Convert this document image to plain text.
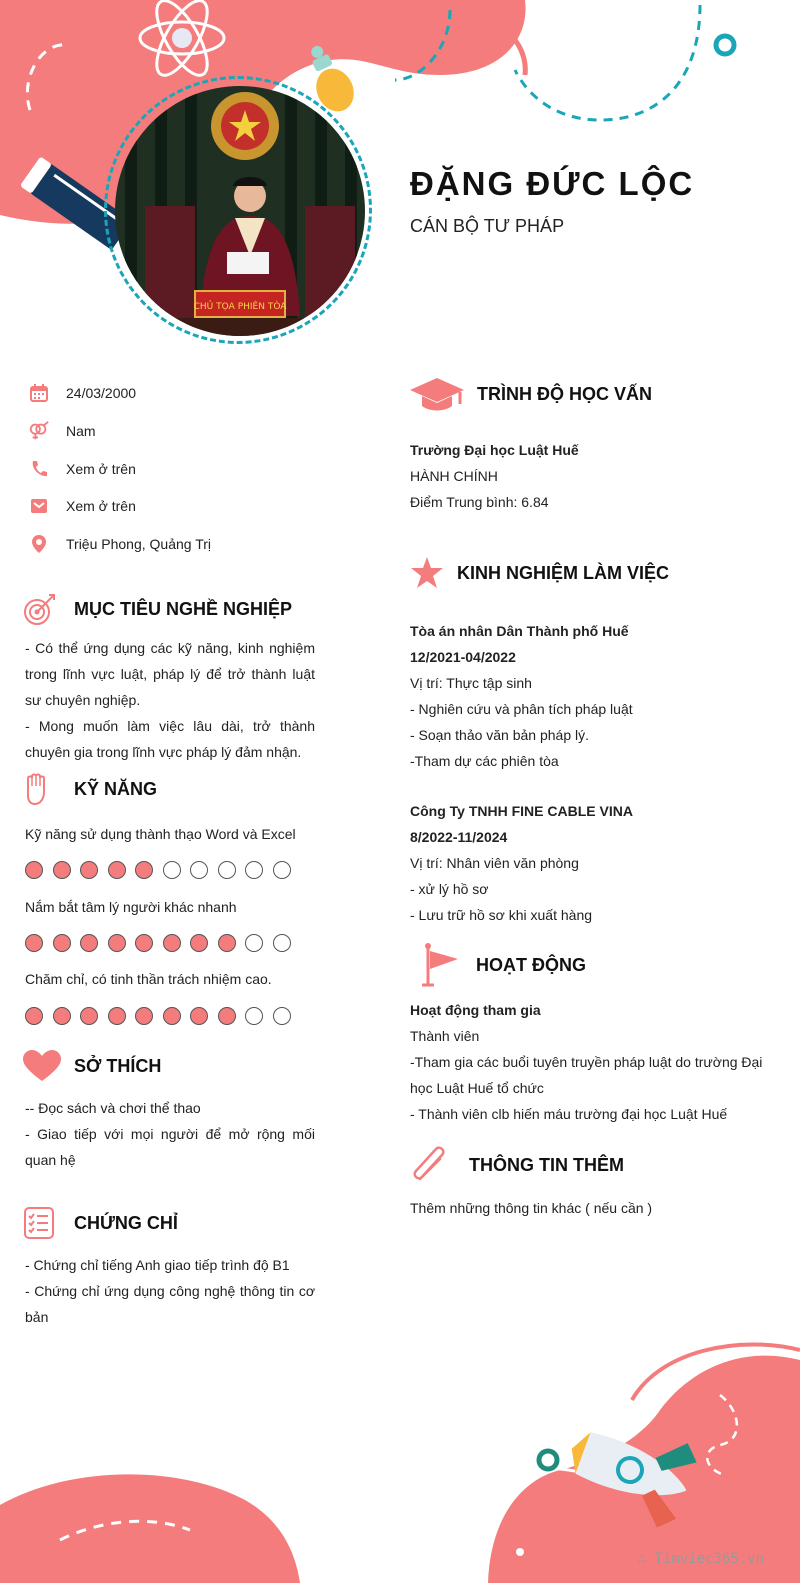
CHỦ TỌA PHIÊN TÒA
ĐẶNG ĐỨC LỘC
CÁN BỘ TƯ PHÁP
24/03/2000
Nam
Xem ở trên
Xem ở trên
Triệu Phong, Quảng Trị
MỤC TIÊU NGHỀ NGHIỆP
- Có thể ứng dụng các kỹ năng, kinh nghiệm trong lĩnh vực luật, pháp lý để trở thành luật sư chuyên nghiệp.
- Mong muốn làm việc lâu dài, trở thành chuyên gia trong lĩnh vực pháp lý đảm nhận.
KỸ NĂNG
Kỹ năng sử dụng thành thạo Word và Excel
Nắm bắt tâm lý người khác nhanh
Chăm chỉ, có tinh thần trách nhiệm cao.
SỞ THÍCH
-- Đọc sách và chơi thể thao
- Giao tiếp với mọi người để mở rộng mối quan hệ
CHỨNG CHỈ
- Chứng chỉ tiếng Anh giao tiếp trình độ B1
- Chứng chỉ ứng dụng công nghệ thông tin cơ bản
TRÌNH ĐỘ HỌC VẤN
Trường Đại học Luật Huế
HÀNH CHÍNH
Điểm Trung bình: 6.84
KINH NGHIỆM LÀM VIỆC
Tòa án nhân Dân Thành phố Huế
12/2021-04/2022
Vị trí: Thực tập sinh
- Nghiên cứu và phân tích pháp luật
- Soạn thảo văn bản pháp lý.
-Tham dự các phiên tòa
Công Ty TNHH FINE CABLE VINA
8/2022-11/2024
Vị trí: Nhân viên văn phòng
- xử lý hồ sơ
- Lưu trữ hồ sơ khi xuất hàng
HOẠT ĐỘNG
Hoạt động tham gia
Thành viên
-Tham gia các buổi tuyên truyền pháp luật do trường Đại học Luật Huế tổ chức
- Thành viên clb hiến máu trường đại học Luật Huế
THÔNG TIN THÊM
Thêm những thông tin khác ( nếu cần )
∴ Timviec365.vn
